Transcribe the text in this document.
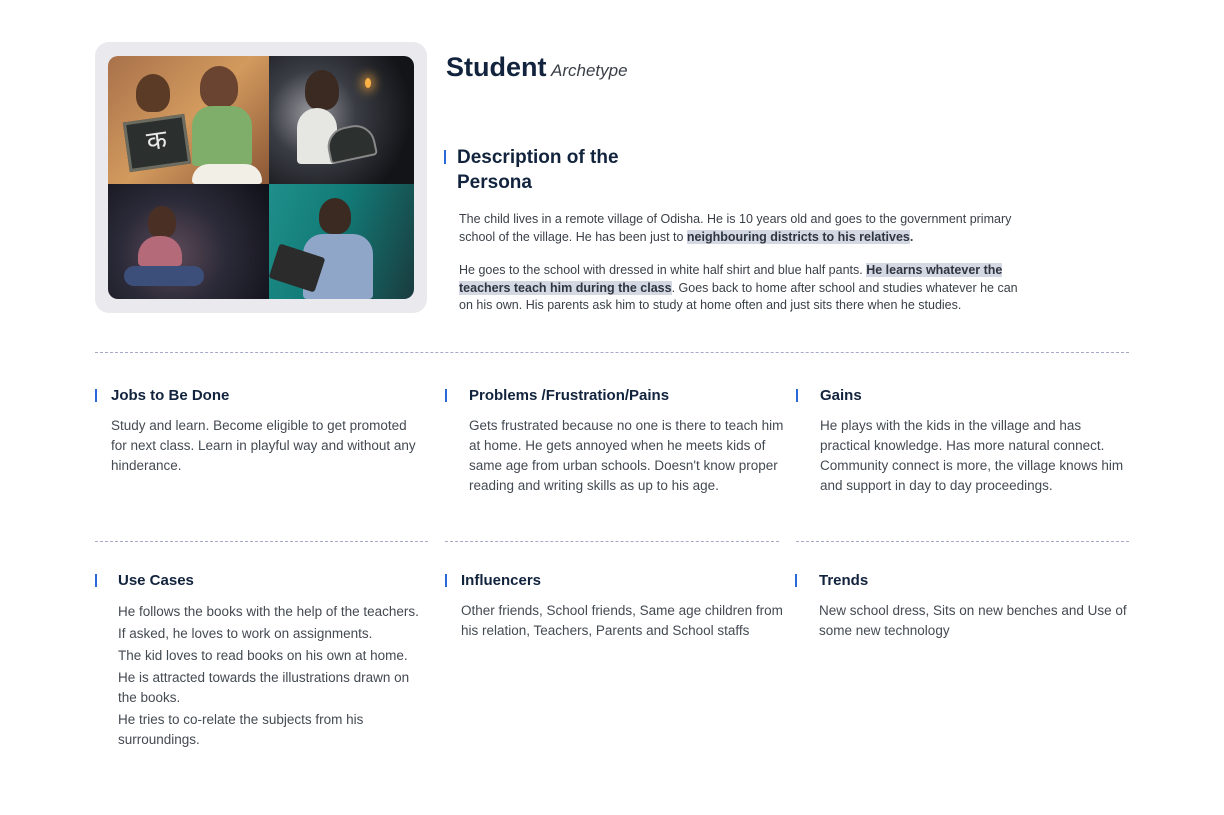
क
Student Archetype
Description of the Persona

The child lives in a remote village of Odisha. He is 10 years old and goes to the government primary school of the village. He has been just to neighbouring districts to his relatives.

He goes to the school with dressed in white half shirt and blue half pants. He learns whatever the teachers teach him during the class. Goes back to home after school and studies whatever he can on his own. His parents ask him to study at home often and just sits there when he studies.

Jobs to Be Done

Study and learn. Become eligible to get promoted for next class. Learn in playful way and without any hinderance.

Problems /Frustration/Pains

Gets frustrated because no one is there to teach him at home. He gets annoyed when he meets kids of same age from urban schools. Doesn't know proper reading and writing skills as up to his age.

Gains

He plays with the kids in the village and has practical knowledge. Has more natural connect. Community connect is more, the village knows him and support in day to day proceedings.

Use Cases
He follows the books with the help of the teachers.
If asked, he loves to work on assignments.
The kid loves to read books on his own at home.
He is attracted towards the illustrations drawn on the books.
He tries to co-relate the subjects from his surroundings.
Influencers

Other friends, School friends, Same age children from his relation, Teachers, Parents and School staffs

Trends

New school dress, Sits on new benches and Use of some new technology
